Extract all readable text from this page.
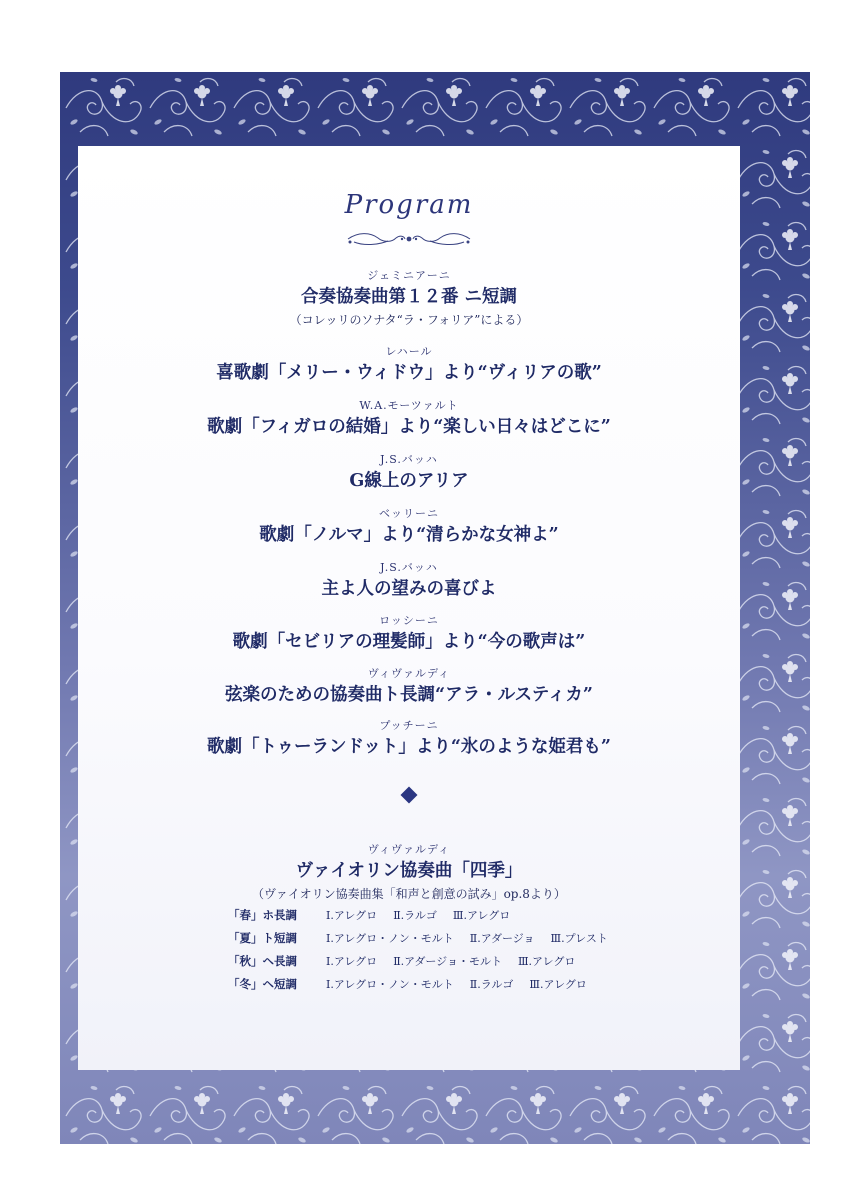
Program
ジェミニアーニ
合奏協奏曲第１２番 ニ短調
（コレッリのソナタ“ラ・フォリア”による）
レハール
喜歌劇「メリー・ウィドウ」より“ヴィリアの歌”
W.A.モーツァルト
歌劇「フィガロの結婚」より“楽しい日々はどこに”
J.S.バッハ
G線上のアリア
ベッリーニ
歌劇「ノルマ」より“清らかな女神よ”
J.S.バッハ
主よ人の望みの喜びよ
ロッシーニ
歌劇「セビリアの理髪師」より“今の歌声は”
ヴィヴァルディ
弦楽のための協奏曲ト長調“アラ・ルスティカ”
プッチーニ
歌劇「トゥーランドット」より“氷のような姫君も”
ヴィヴァルディ
ヴァイオリン協奏曲「四季」
（ヴァイオリン協奏曲集「和声と創意の試み」op.8より）
「春」ホ長調	Ⅰ.アレグロ Ⅱ.ラルゴ Ⅲ.アレグロ
「夏」ト短調	Ⅰ.アレグロ・ノン・モルト Ⅱ.アダージョ Ⅲ.プレスト
「秋」ヘ長調	Ⅰ.アレグロ Ⅱ.アダージョ・モルト Ⅲ.アレグロ
「冬」ヘ短調	Ⅰ.アレグロ・ノン・モルト Ⅱ.ラルゴ Ⅲ.アレグロ
